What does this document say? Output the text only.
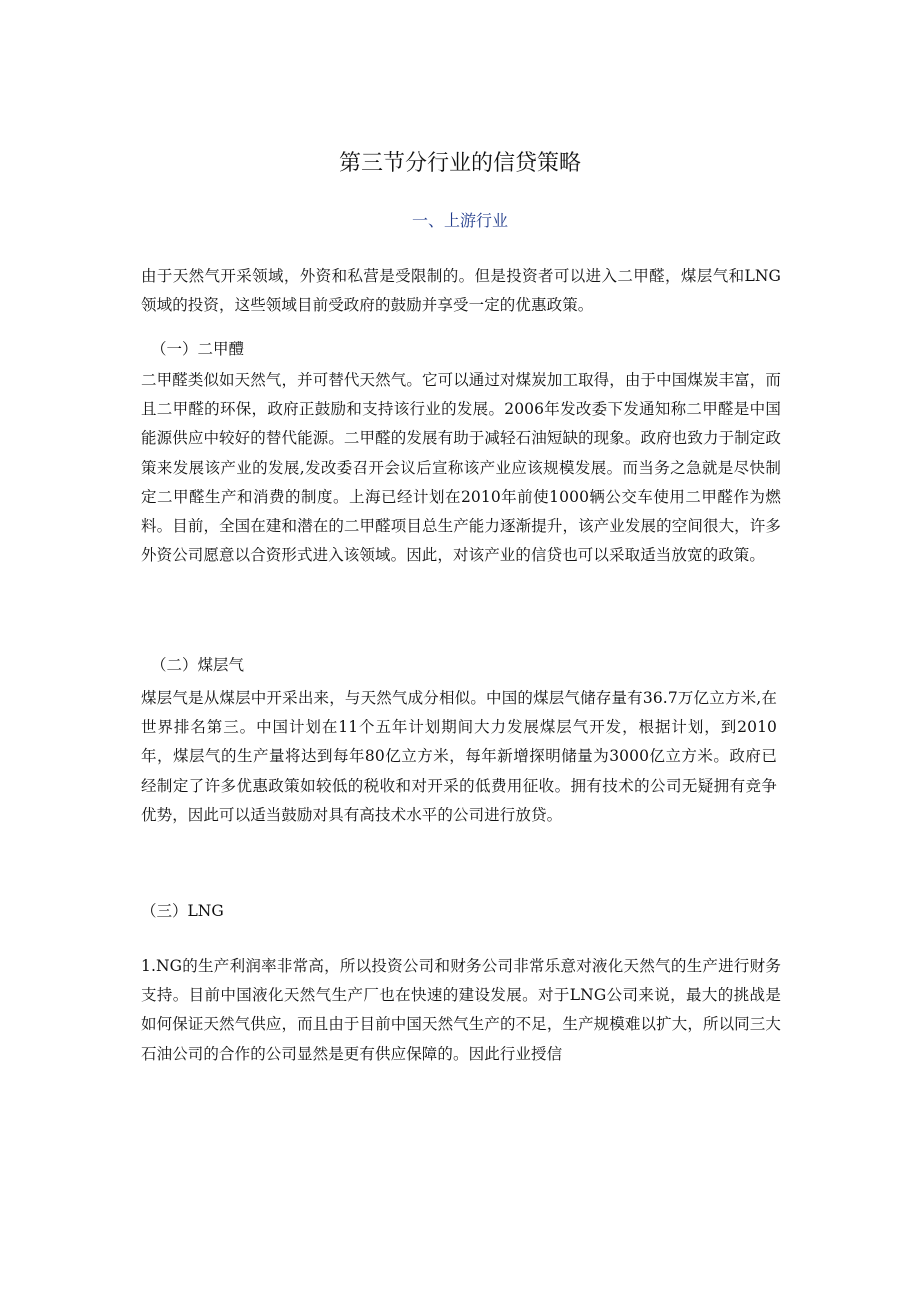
第三节分行业的信贷策略
一、上游行业

由于天然气开采领域，外资和私营是受限制的。但是投资者可以进入二甲醛，煤层气和LNG领域的投资，这些领域目前受政府的鼓励并享受一定的优惠政策。

（一）二甲醴

二甲醛类似如天然气，并可替代天然气。它可以通过对煤炭加工取得，由于中国煤炭丰富，而且二甲醛的环保，政府正鼓励和支持该行业的发展。2006年发改委下发通知称二甲醛是中国能源供应中较好的替代能源。二甲醛的发展有助于减轻石油短缺的现象。政府也致力于制定政策来发展该产业的发展,发改委召开会议后宣称该产业应该规模发展。而当务之急就是尽快制定二甲醛生产和消费的制度。上海已经计划在2010年前使1000辆公交车使用二甲醛作为燃料。目前，全国在建和潜在的二甲醛项目总生产能力逐渐提升，该产业发展的空间很大，许多外资公司愿意以合资形式进入该领域。因此，对该产业的信贷也可以采取适当放宽的政策。

（二）煤层气

煤层气是从煤层中开采出来，与天然气成分相似。中国的煤层气储存量有36.7万亿立方米,在世界排名第三。中国计划在11个五年计划期间大力发展煤层气开发，根据计划，到2010年，煤层气的生产量将达到每年80亿立方米，每年新增探明储量为3000亿立方米。政府已经制定了许多优惠政策如较低的税收和对开采的低费用征收。拥有技术的公司无疑拥有竞争优势，因此可以适当鼓励对具有高技术水平的公司进行放贷。

（三）LNG

1.NG的生产利润率非常高，所以投资公司和财务公司非常乐意对液化天然气的生产进行财务支持。目前中国液化天然气生产厂也在快速的建设发展。对于LNG公司来说，最大的挑战是如何保证天然气供应，而且由于目前中国天然气生产的不足，生产规模难以扩大，所以同三大石油公司的合作的公司显然是更有供应保障的。因此行业授信
